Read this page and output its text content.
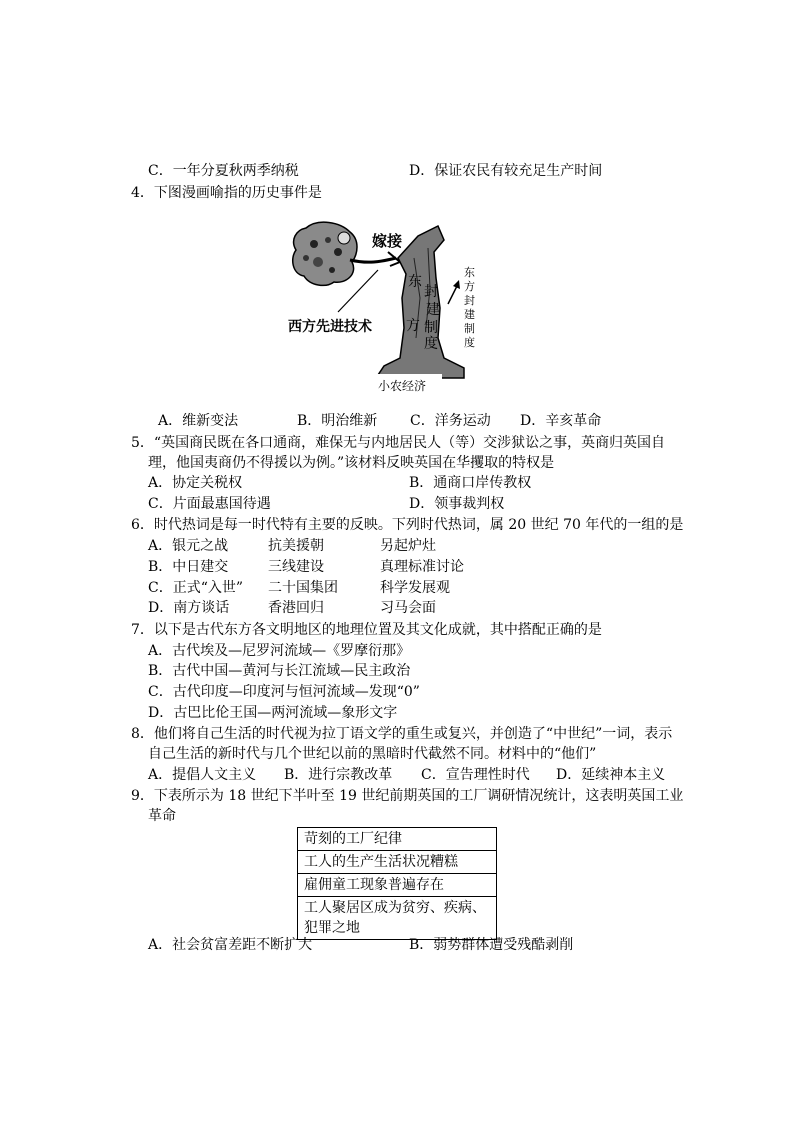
C．一年分夏秋两季纳税	D．保证农民有较充足生产时间
4．下图漫画喻指的历史事件是
嫁接
西方先进技术
东
封
建
制
方
度
东
方
封
建
制
度
小农经济
A．维新变法	B．明治维新 C．洋务运动 D．辛亥革命
5．“英国商民既在各口通商，难保无与内地居民人（等）交涉狱讼之事，英商归英国自
理，他国夷商仍不得援以为例。”该材料反映英国在华攫取的特权是
A．协定关税权	B．通商口岸传教权
C．片面最惠国待遇	D．领事裁判权
6．时代热词是每一时代特有主要的反映。下列时代热词，属 20 世纪 70 年代的一组的是
A．银元之战	抗美援朝	另起炉灶
B．中日建交	三线建设	真理标准讨论
C．正式“入世” 二十国集团	科学发展观
D．南方谈话	香港回归	习马会面
7．以下是古代东方各文明地区的地理位置及其文化成就，其中搭配正确的是
A．古代埃及—尼罗河流域—《罗摩衍那》
B．古代中国—黄河与长江流域—民主政治
C．古代印度—印度河与恒河流域—发现“0”
D．古巴比伦王国—两河流域—象形文字
8．他们将自己生活的时代视为拉丁语文学的重生或复兴，并创造了“中世纪”一词，表示
自己生活的新时代与几个世纪以前的黑暗时代截然不同。材料中的“他们”
A．提倡人文主义 B．进行宗教改革 C．宣告理性时代 D．延续神本主义
9．下表所示为 18 世纪下半叶至 19 世纪前期英国的工厂调研情况统计，这表明英国工业
革命
苛刻的工厂纪律
工人的生产生活状况糟糕
雇佣童工现象普遍存在
工人聚居区成为贫穷、疾病、犯罪之地
A．社会贫富差距不断扩大	B．弱势群体遭受残酷剥削
